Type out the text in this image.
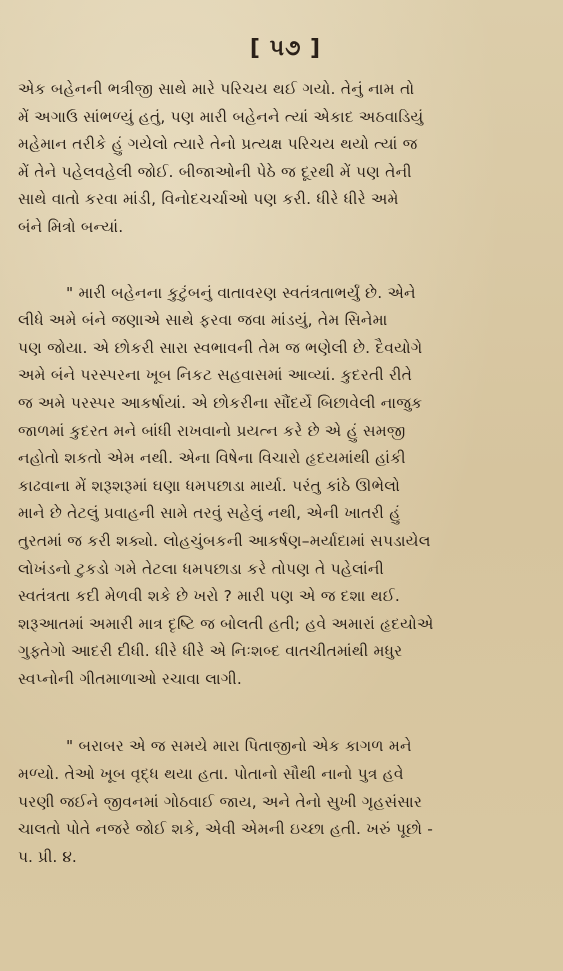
[ ૫૭ ]
એક બહેનની ભત્રીજી સાથે મારે પરિચય થઈ ગયો. તેનું નામ તો
મેં અગાઉ સાંભળ્યું હતું, પણ મારી બહેનને ત્યાં એકાદ અઠવાડિયું
મહેમાન તરીકે હું ગયેલો ત્યારે તેનો પ્રત્યક્ષ પરિચય થયો ત્યાં જ
મેં તેને પહેલવહેલી જોઈ. બીજાઓની પેઠે જ દૂરથી મેં પણ તેની
સાથે વાતો કરવા માંડી, વિનોદચર્ચાઓ પણ કરી. ધીરે ધીરે અમે
બંને મિત્રો બન્યાં.
" મારી બહેનના કુટુંબનું વાતાવરણ સ્વતંત્રતાભર્યું છે. એને
લીધે અમે બંને જણાએ સાથે ફરવા જવા માંડયું, તેમ સિનેમા
પણ જોયા. એ છોકરી સારા સ્વભાવની તેમ જ ભણેલી છે. દૈવયોગે
અમે બંને પરસ્પરના ખૂબ નિકટ સહવાસમાં આવ્યાં. કુદરતી રીતે
જ અમે પરસ્પર આકર્ષાયાં. એ છોકરીના સૌંદર્યે બિછાવેલી નાજુક
જાળમાં કુદરત મને બાંધી રાખવાનો પ્રયત્ન કરે છે એ હું સમજી
નહોતો શકતો એમ નથી. એના વિષેના વિચારો હૃદયમાંથી હાંકી
કાઢવાના મેં શરૂશરૂમાં ઘણા ધમપછાડા માર્યા. પરંતુ કાંઠે ઊભેલો
માને છે તેટલું પ્રવાહની સામે તરવું સહેલું નથી, એની ખાતરી હું
તુરતમાં જ કરી શક્યો. લોહચુંબકની આકર્ષણ–મર્યાદામાં સપડાયેલ
લોખંડનો ટુકડો ગમે તેટલા ધમપછાડા કરે તોપણ તે પહેલાંની
સ્વતંત્રતા કદી મેળવી શકે છે ખરો ? મારી પણ એ જ દશા થઈ.
શરૂઆતમાં અમારી માત્ર દૃષ્ટિ જ બોલતી હતી; હવે અમારાં હૃદયોએ
ગુફ્તેગો આદરી દીધી. ધીરે ધીરે એ નિઃશબ્દ વાતચીતમાંથી મધુર
સ્વપ્નોની ગીતમાળાઓ રચાવા લાગી.
" બરાબર એ જ સમયે મારા પિતાજીનો એક કાગળ મને
મળ્યો. તેઓ ખૂબ વૃદ્ધ થયા હતા. પોતાનો સૌથી નાનો પુત્ર હવે
પરણી જઈને જીવનમાં ગોઠવાઈ જાય, અને તેનો સુખી ગૃહસંસાર
ચાલતો પોતે નજરે જોઈ શકે, એવી એમની ઇચ્છા હતી. ખરું પૂછો -
પ. પ્રી. ૪.
